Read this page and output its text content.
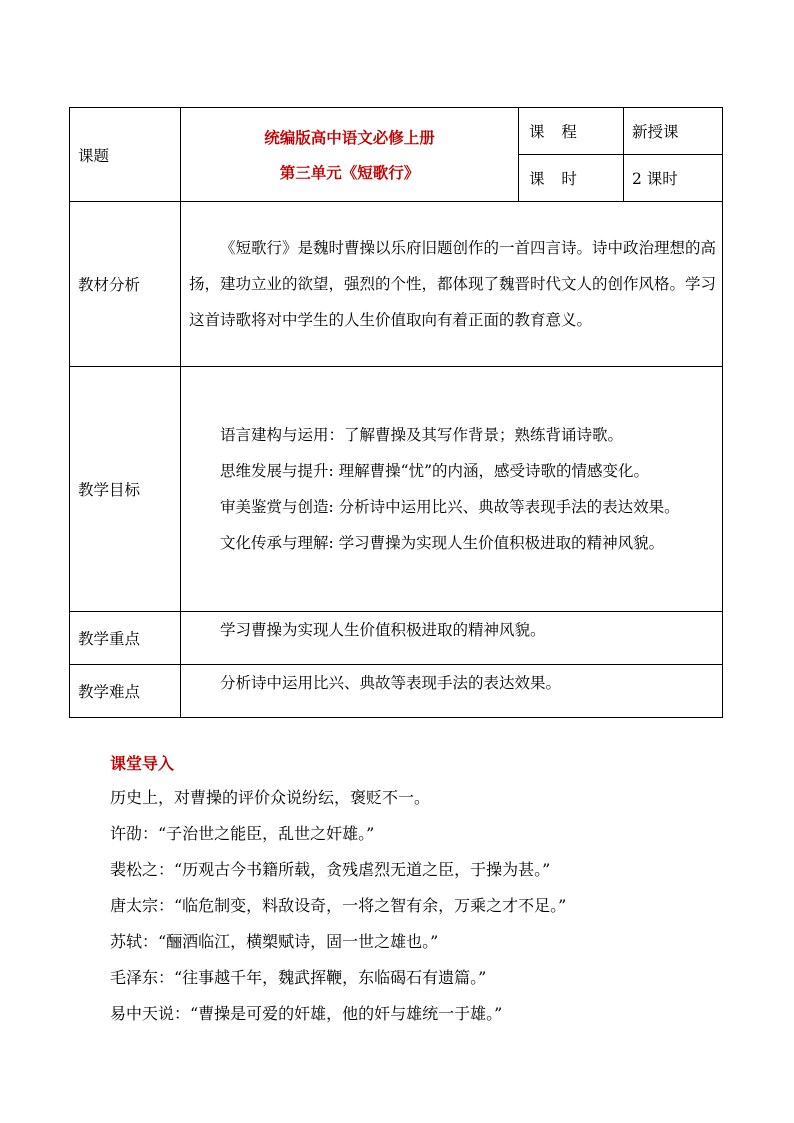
课题	统编版高中语文必修上册
第三单元《短歌行》	课 程	新授课
		课 时	2 课时
教材分析	《短歌行》是魏时曹操以乐府旧题创作的一首四言诗。诗中政治理想的高扬，建功立业的欲望，强烈的个性，都体现了魏晋时代文人的创作风格。学习这首诗歌将对中学生的人生价值取向有着正面的教育意义。		

教学目标	语言建构与运用：了解曹操及其写作背景；熟练背诵诗歌。

思维发展与提升: 理解曹操“忧”的内涵，感受诗歌的情感变化。

审美鉴赏与创造: 分析诗中运用比兴、典故等表现手法的表达效果。

文化传承与理解: 学习曹操为实现人生价值积极进取的精神风貌。		

教学重点	学习曹操为实现人生价值积极进取的精神风貌。		

教学难点	分析诗中运用比兴、典故等表现手法的表达效果。		
课堂导入
历史上，对曹操的评价众说纷纭，褒贬不一。
许劭：“子治世之能臣，乱世之奸雄。”
裴松之：“历观古今书籍所载，贪残虐烈无道之臣，于操为甚。”
唐太宗：“临危制变，料敌设奇，一将之智有余，万乘之才不足。”
苏轼：“酾酒临江，横槊赋诗，固一世之雄也。”
毛泽东：“往事越千年，魏武挥鞭，东临碣石有遗篇。”
易中天说：“曹操是可爱的奸雄，他的奸与雄统一于雄。”
